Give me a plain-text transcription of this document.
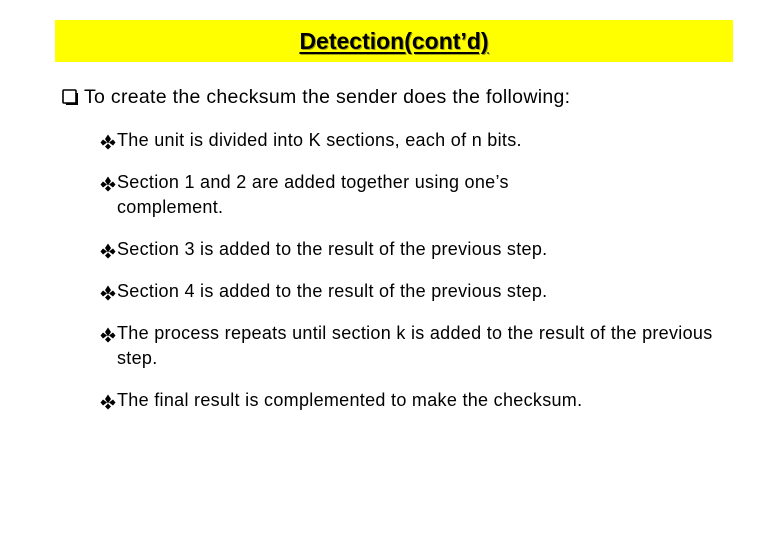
Detection(cont’d)
To create the checksum the sender does the following:
The unit is divided into K sections, each of n bits.
Section 1 and 2 are added together using one’s complement.
Section 3 is added to the result of the previous step.
Section 4 is added to the result of the previous step.
The process repeats until section k is added to the result of the previous step.
The final result is complemented to make the checksum.
